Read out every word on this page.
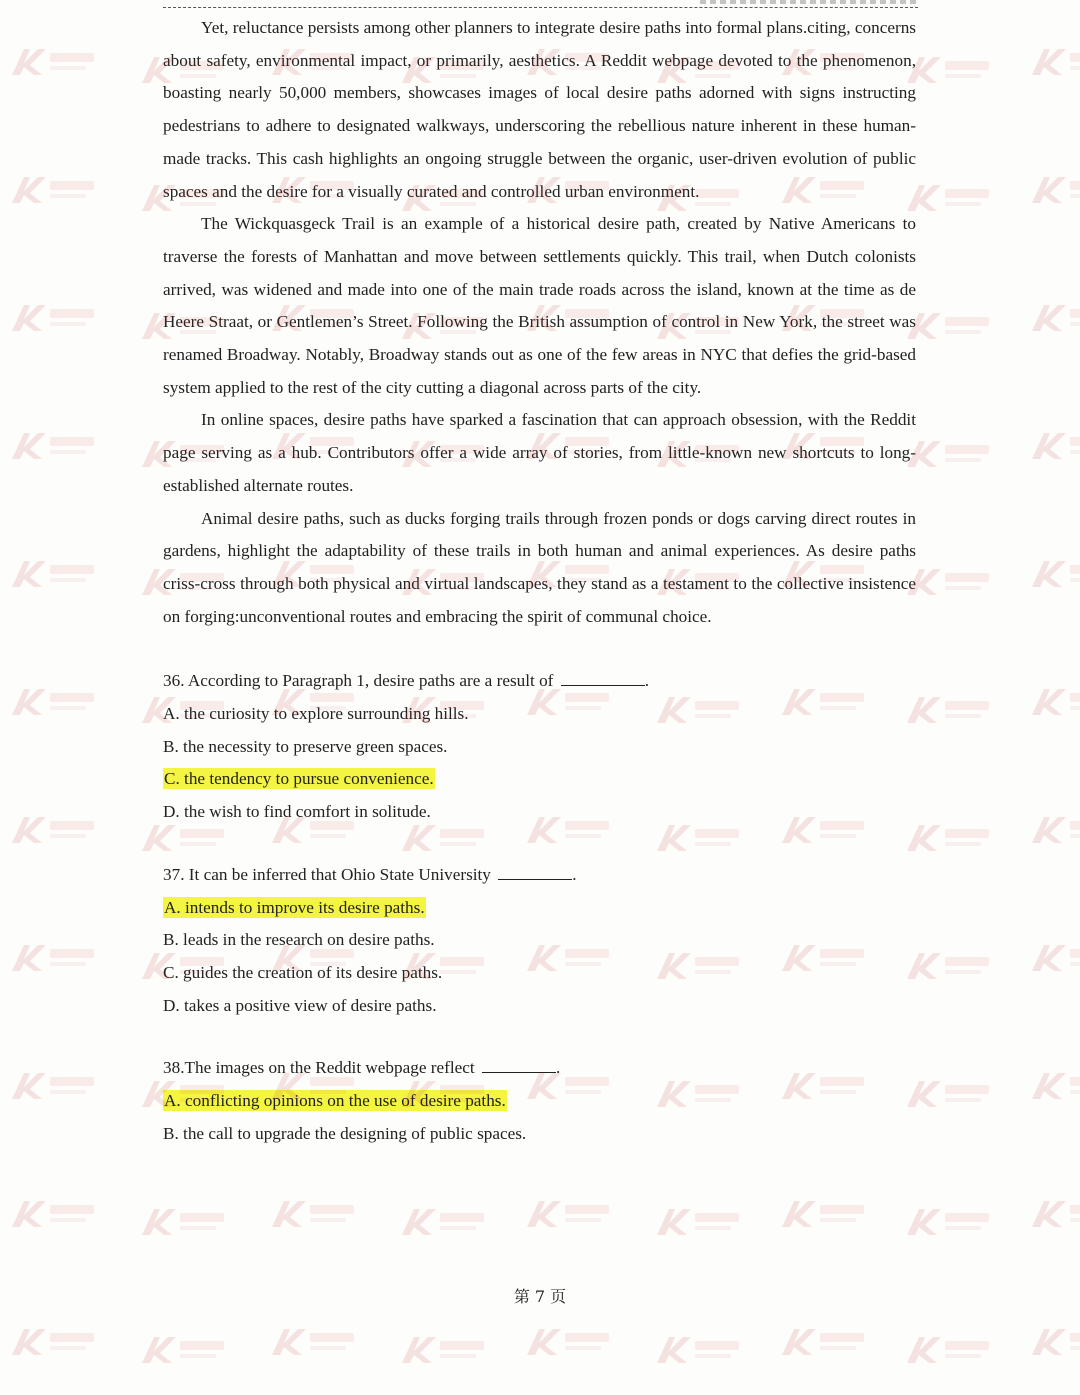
Yet, reluctance persists among other planners to integrate desire paths into formal plans.citing, concerns about safety, environmental impact, or primarily, aesthetics. A Reddit webpage devoted to the phenomenon, boasting nearly 50,000 members, showcases images of local desire paths adorned with signs instructing pedestrians to adhere to designated walkways, underscoring the rebellious nature inherent in these human-made tracks. This cash highlights an ongoing struggle between the organic, user-driven evolution of public spaces and the desire for a visually curated and controlled urban environment.

The Wickquasgeck Trail is an example of a historical desire path, created by Native Americans to traverse the forests of Manhattan and move between settlements quickly. This trail, when Dutch colonists arrived, was widened and made into one of the main trade roads across the island, known at the time as de Heere Straat, or Gentlemen’s Street. Following the British assumption of control in New York, the street was renamed Broadway. Notably, Broadway stands out as one of the few areas in NYC that defies the grid-based system applied to the rest of the city cutting a diagonal across parts of the city.

In online spaces, desire paths have sparked a fascination that can approach obsession, with the Reddit page serving as a hub. Contributors offer a wide array of stories, from little-known new shortcuts to long-established alternate routes.

Animal desire paths, such as ducks forging trails through frozen ponds or dogs carving direct routes in gardens, highlight the adaptability of these trails in both human and animal experiences. As desire paths criss-cross through both physical and virtual landscapes, they stand as a testament to the collective insistence on forging:unconventional routes and embracing the spirit of communal choice.

36. According to Paragraph 1, desire paths are a result of	.

A. the curiosity to explore surrounding hills.

B. the necessity to preserve green spaces.

C. the tendency to pursue convenience.

D. the wish to find comfort in solitude.

37. It can be inferred that Ohio State University	.

A. intends to improve its desire paths.

B. leads in the research on desire paths.

C. guides the creation of its desire paths.

D. takes a positive view of desire paths.

38.The images on the Reddit webpage reflect	.

A. conflicting opinions on the use of desire paths.

B. the call to upgrade the designing of public spaces.

第 7 页
